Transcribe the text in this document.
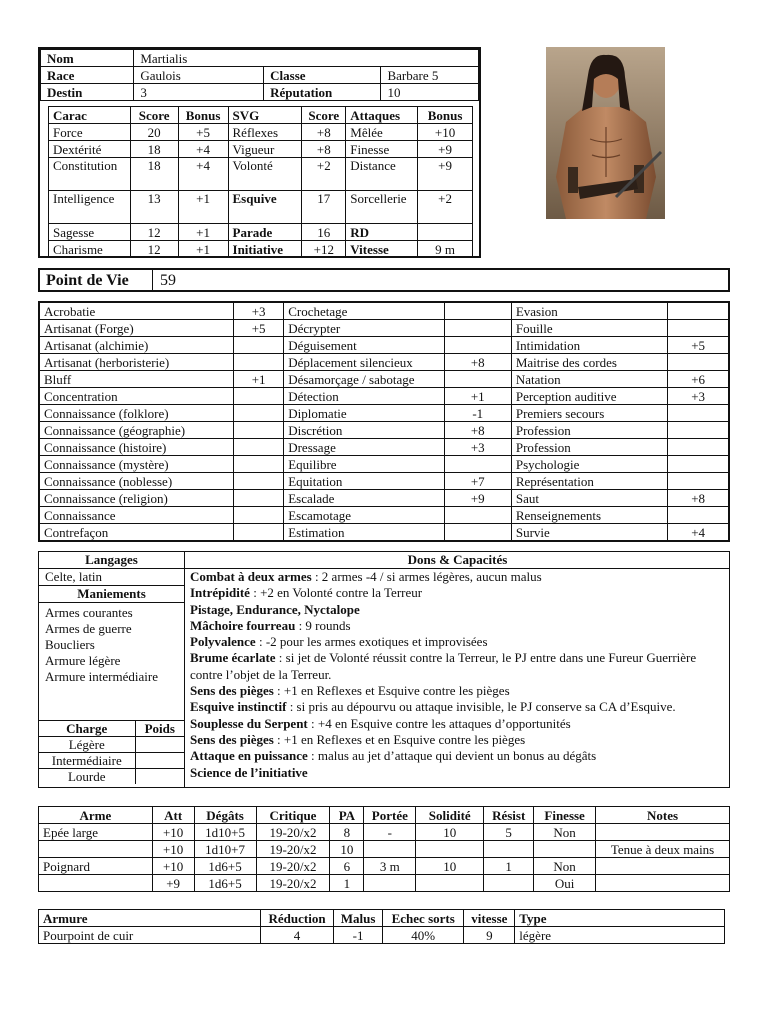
Nom	Martialis		
Race	Gaulois	Classe	Barbare 5
Destin	3	Réputation	10
Carac	Score	Bonus	SVG	Score	Attaques	Bonus
Force	20	+5	Réflexes	+8	Mêlée	+10
Dextérité	18	+4	Vigueur	+8	Finesse	+9
Constitution	18	+4	Volonté	+2	Distance	+9
Intelligence	13	+1	Esquive	17	Sorcellerie	+2
Sagesse	12	+1	Parade	16	RD	
Charisme	12	+1	Initiative	+12	Vitesse	9 m
Point de Vie 59
Acrobatie	+3	Crochetage		Evasion	
Artisanat (Forge)	+5	Décrypter		Fouille	
Artisanat (alchimie)		Déguisement		Intimidation	+5
Artisanat (herboristerie)		Déplacement silencieux	+8	Maitrise des cordes	
Bluff	+1	Désamorçage / sabotage		Natation	+6
Concentration		Détection	+1	Perception auditive	+3
Connaissance (folklore)		Diplomatie	-1	Premiers secours	
Connaissance (géographie)		Discrétion	+8	Profession	
Connaissance (histoire)		Dressage	+3	Profession	
Connaissance (mystère)		Equilibre		Psychologie	
Connaissance (noblesse)		Equitation	+7	Représentation	
Connaissance (religion)		Escalade	+9	Saut	+8
Connaissance		Escamotage		Renseignements	
Contrefaçon		Estimation		Survie	+4
Langages
Celte, latin
Maniements
Armes courantes
Armes de guerre
Boucliers
Armure légère
Armure intermédiaire
Charge	Poids
Légère	
Intermédiaire	
Lourde	
Dons & Capacités
Combat à deux armes : 2 armes -4 / si armes légères, aucun malus
Intrépidité : +2 en Volonté contre la Terreur
Pistage, Endurance, Nyctalope
Mâchoire fourreau : 9 rounds
Polyvalence : -2 pour les armes exotiques et improvisées
Brume écarlate : si jet de Volonté réussit contre la Terreur, le PJ entre dans une Fureur Guerrière contre l’objet de la Terreur.
Sens des pièges : +1 en Reflexes et Esquive contre les pièges
Esquive instinctif : si pris au dépourvu ou attaque invisible, le PJ conserve sa CA d’Esquive.
Souplesse du Serpent : +4 en Esquive contre les attaques d’opportunités
Sens des pièges : +1 en Reflexes et en Esquive contre les pièges
Attaque en puissance : malus au jet d’attaque qui devient un bonus au dégâts
Science de l’initiative
Arme	Att	Dégâts	Critique	PA	Portée	Solidité	Résist	Finesse	Notes
Epée large	+10	1d10+5	19-20/x2	8	-	10	5	Non	
	+10	1d10+7	19-20/x2	10					Tenue à deux mains
Poignard	+10	1d6+5	19-20/x2	6	3 m	10	1	Non	
	+9	1d6+5	19-20/x2	1				Oui	
Armure	Réduction	Malus	Echec sorts	vitesse	Type
Pourpoint de cuir	4	-1	40%	9	légère
